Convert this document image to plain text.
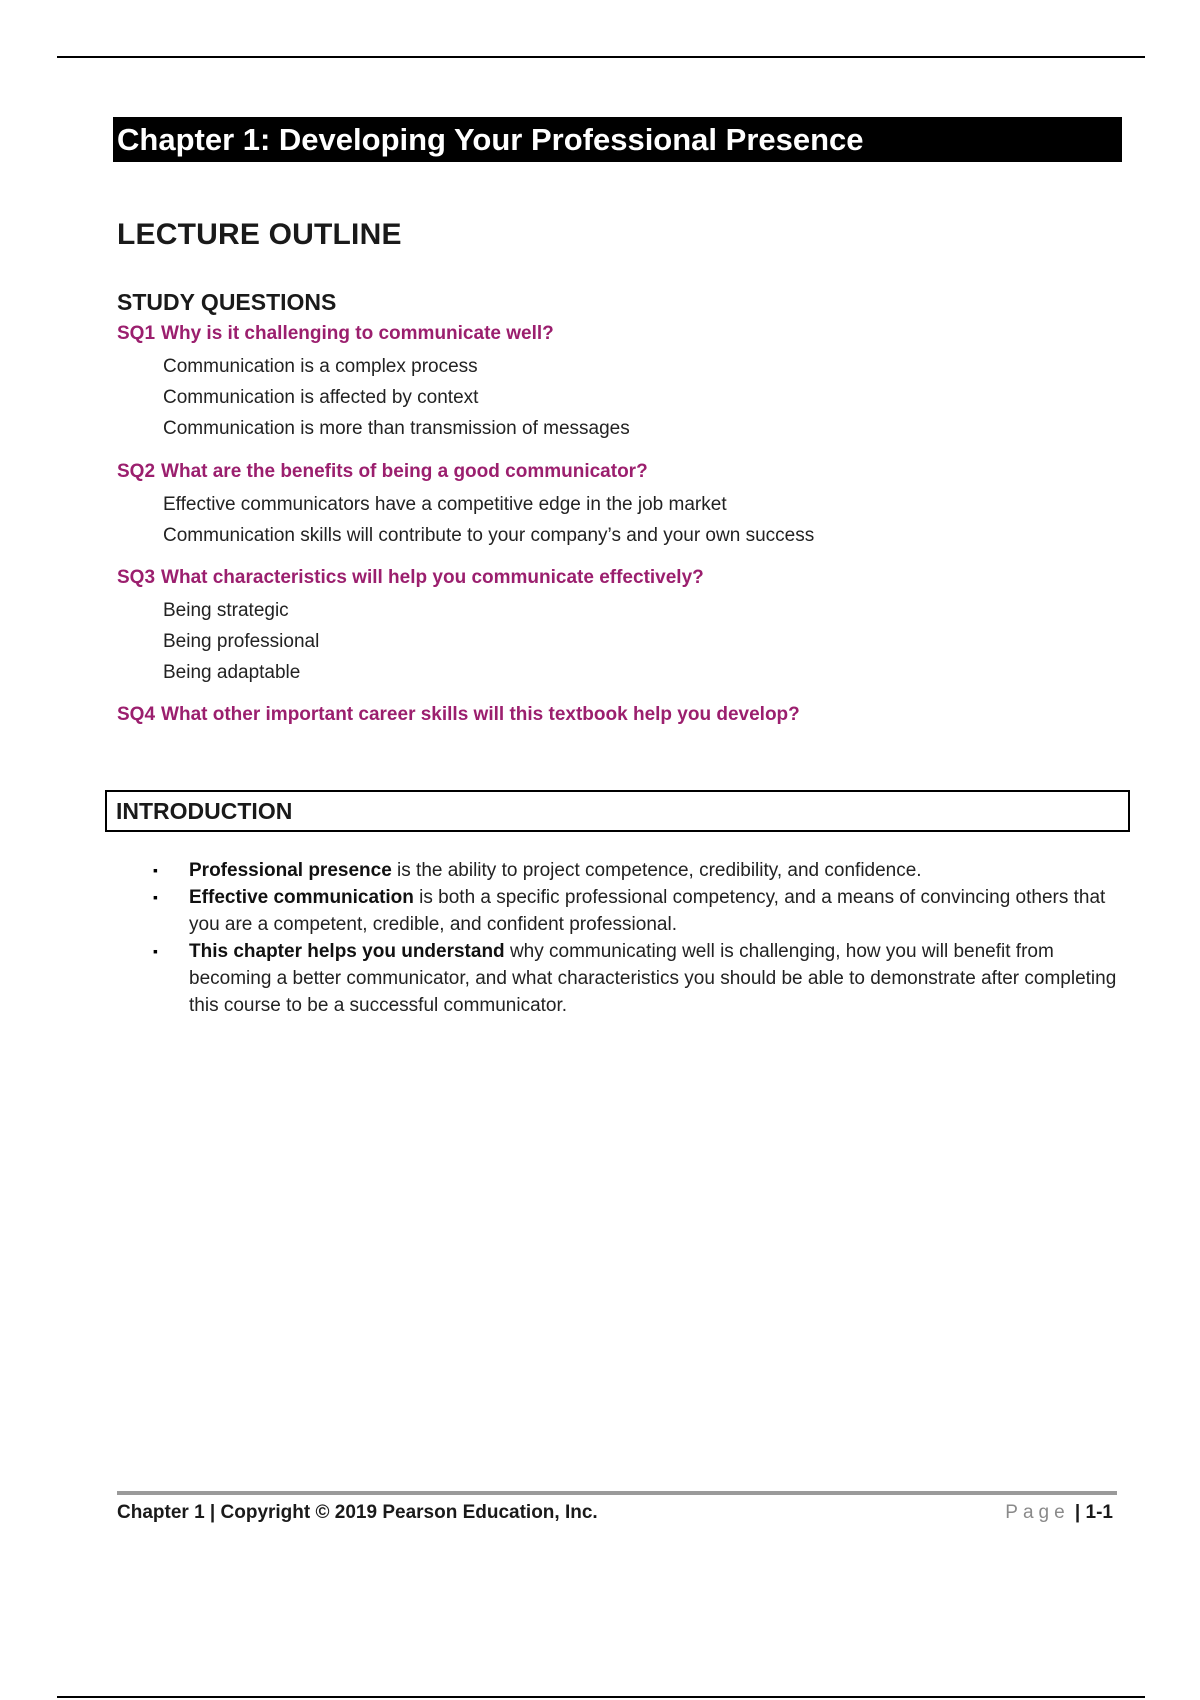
Chapter 1: Developing Your Professional Presence
LECTURE OUTLINE
STUDY QUESTIONS
SQ1 Why is it challenging to communicate well?
Communication is a complex process
Communication is affected by context
Communication is more than transmission of messages
SQ2 What are the benefits of being a good communicator?
Effective communicators have a competitive edge in the job market
Communication skills will contribute to your company’s and your own success
SQ3 What characteristics will help you communicate effectively?
Being strategic
Being professional
Being adaptable
SQ4 What other important career skills will this textbook help you develop?
INTRODUCTION
▪ Professional presence is the ability to project competence, credibility, and confidence.
▪ Effective communication is both a specific professional competency, and a means of convincing others that you are a competent, credible, and confident professional.
▪ This chapter helps you understand why communicating well is challenging, how you will benefit from becoming a better communicator, and what characteristics you should be able to demonstrate after completing this course to be a successful communicator.
Chapter 1 | Copyright © 2019 Pearson Education, Inc.	Page | 1-1
